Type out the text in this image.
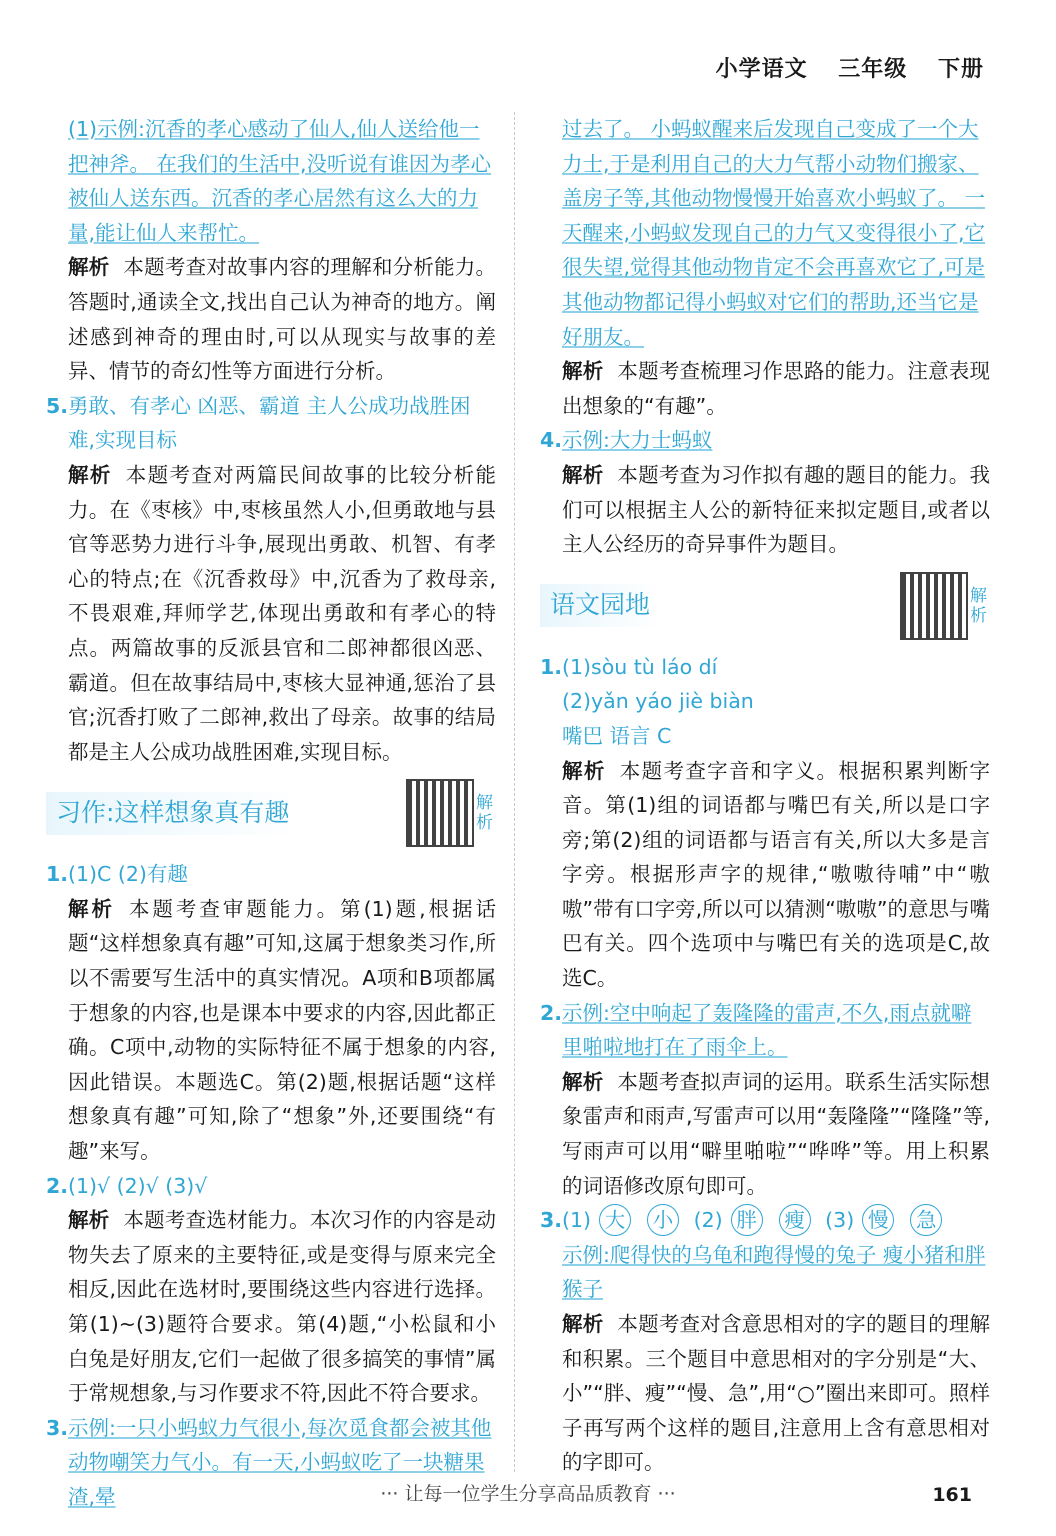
小学语文 三年级 下册

(1)示例:沉香的孝心感动了仙人,仙人送给他一把神斧。 在我们的生活中,没听说有谁因为孝心被仙人送东西。沉香的孝心居然有这么大的力量,能让仙人来帮忙。

解析 本题考查对故事内容的理解和分析能力。答题时,通读全文,找出自己认为神奇的地方。阐述感到神奇的理由时,可以从现实与故事的差异、情节的奇幻性等方面进行分析。

5.勇敢、有孝心 凶恶、霸道 主人公成功战胜困难,实现目标

解析 本题考查对两篇民间故事的比较分析能力。在《枣核》中,枣核虽然人小,但勇敢地与县官等恶势力进行斗争,展现出勇敢、机智、有孝心的特点;在《沉香救母》中,沉香为了救母亲,不畏艰难,拜师学艺,体现出勇敢和有孝心的特点。两篇故事的反派县官和二郎神都很凶恶、霸道。但在故事结局中,枣核大显神通,惩治了县官;沉香打败了二郎神,救出了母亲。故事的结局都是主人公成功战胜困难,实现目标。

习作:这样想象真有趣	解析

1.(1)C (2)有趣

解析 本题考查审题能力。第(1)题,根据话题“这样想象真有趣”可知,这属于想象类习作,所以不需要写生活中的真实情况。A项和B项都属于想象的内容,也是课本中要求的内容,因此都正确。C项中,动物的实际特征不属于想象的内容,因此错误。本题选C。第(2)题,根据话题“这样想象真有趣”可知,除了“想象”外,还要围绕“有趣”来写。

2.(1)√ (2)√ (3)√

解析 本题考查选材能力。本次习作的内容是动物失去了原来的主要特征,或是变得与原来完全相反,因此在选材时,要围绕这些内容进行选择。第(1)~(3)题符合要求。第(4)题,“小松鼠和小白兔是好朋友,它们一起做了很多搞笑的事情”属于常规想象,与习作要求不符,因此不符合要求。

3.示例:一只小蚂蚁力气很小,每次觅食都会被其他动物嘲笑力气小。有一天,小蚂蚁吃了一块糖果渣,晕

过去了。 小蚂蚁醒来后发现自己变成了一个大力士,于是利用自己的大力气帮小动物们搬家、盖房子等,其他动物慢慢开始喜欢小蚂蚁了。 一天醒来,小蚂蚁发现自己的力气又变得很小了,它很失望,觉得其他动物肯定不会再喜欢它了,可是其他动物都记得小蚂蚁对它们的帮助,还当它是好朋友。

解析 本题考查梳理习作思路的能力。注意表现出想象的“有趣”。

4.示例:大力士蚂蚁

解析 本题考查为习作拟有趣的题目的能力。我们可以根据主人公的新特征来拟定题目,或者以主人公经历的奇异事件为题目。

语文园地	解析

1.(1)sòu tù láo dí

(2)yǎn yáo jiè biàn

嘴巴 语言 C

解析 本题考查字音和字义。根据积累判断字音。第(1)组的词语都与嘴巴有关,所以是口字旁;第(2)组的词语都与语言有关,所以大多是言字旁。根据形声字的规律,“嗷嗷待哺”中“嗷嗷”带有口字旁,所以可以猜测“嗷嗷”的意思与嘴巴有关。四个选项中与嘴巴有关的选项是C,故选C。

2.示例:空中响起了轰隆隆的雷声,不久,雨点就噼里啪啦地打在了雨伞上。

解析 本题考查拟声词的运用。联系生活实际想象雷声和雨声,写雷声可以用“轰隆隆”“隆隆”等,写雨声可以用“噼里啪啦”“哗哗”等。用上积累的词语修改原句即可。

3.(1) 大 小 (2) 胖 瘦 (3) 慢 急

示例:爬得快的乌龟和跑得慢的兔子 瘦小猪和胖猴子

解析 本题考查对含意思相对的字的题目的理解和积累。三个题目中意思相对的字分别是“大、小”“胖、瘦”“慢、急”,用“○”圈出来即可。照样子再写两个这样的题目,注意用上含有意思相对的字即可。

··· 让每一位学生分享高品质教育 ···	161
